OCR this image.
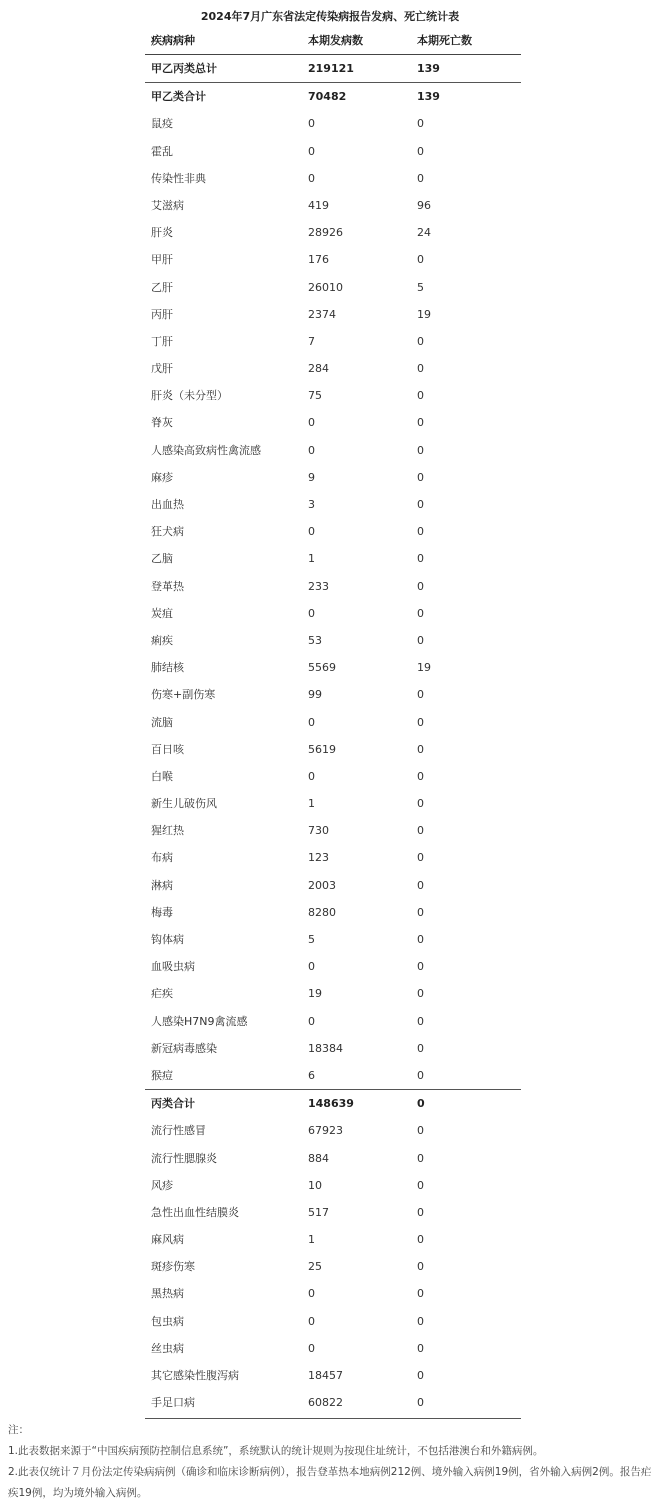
2024年7月广东省法定传染病报告发病、死亡统计表
疾病病种	本期发病数	本期死亡数
甲乙丙类总计	219121	139
甲乙类合计	70482	139
鼠疫	0	0
霍乱	0	0
传染性非典	0	0
艾滋病	419	96
肝炎	28926	24
甲肝	176	0
乙肝	26010	5
丙肝	2374	19
丁肝	7	0
戊肝	284	0
肝炎（未分型）	75	0
脊灰	0	0
人感染高致病性禽流感	0	0
麻疹	9	0
出血热	3	0
狂犬病	0	0
乙脑	1	0
登革热	233	0
炭疽	0	0
痢疾	53	0
肺结核	5569	19
伤寒+副伤寒	99	0
流脑	0	0
百日咳	5619	0
白喉	0	0
新生儿破伤风	1	0
猩红热	730	0
布病	123	0
淋病	2003	0
梅毒	8280	0
钩体病	5	0
血吸虫病	0	0
疟疾	19	0
人感染H7N9禽流感	0	0
新冠病毒感染	18384	0
猴痘	6	0
丙类合计	148639	0
流行性感冒	67923	0
流行性腮腺炎	884	0
风疹	10	0
急性出血性结膜炎	517	0
麻风病	1	0
斑疹伤寒	25	0
黑热病	0	0
包虫病	0	0
丝虫病	0	0
其它感染性腹泻病	18457	0
手足口病	60822	0

注：

1.此表数据来源于“中国疾病预防控制信息系统”，系统默认的统计规则为按现住址统计，不包括港澳台和外籍病例。

2.此表仅统计７月份法定传染病病例（确诊和临床诊断病例），报告登革热本地病例212例、境外输入病例19例，省外输入病例2例。报告疟疾19例，均为境外输入病例。
